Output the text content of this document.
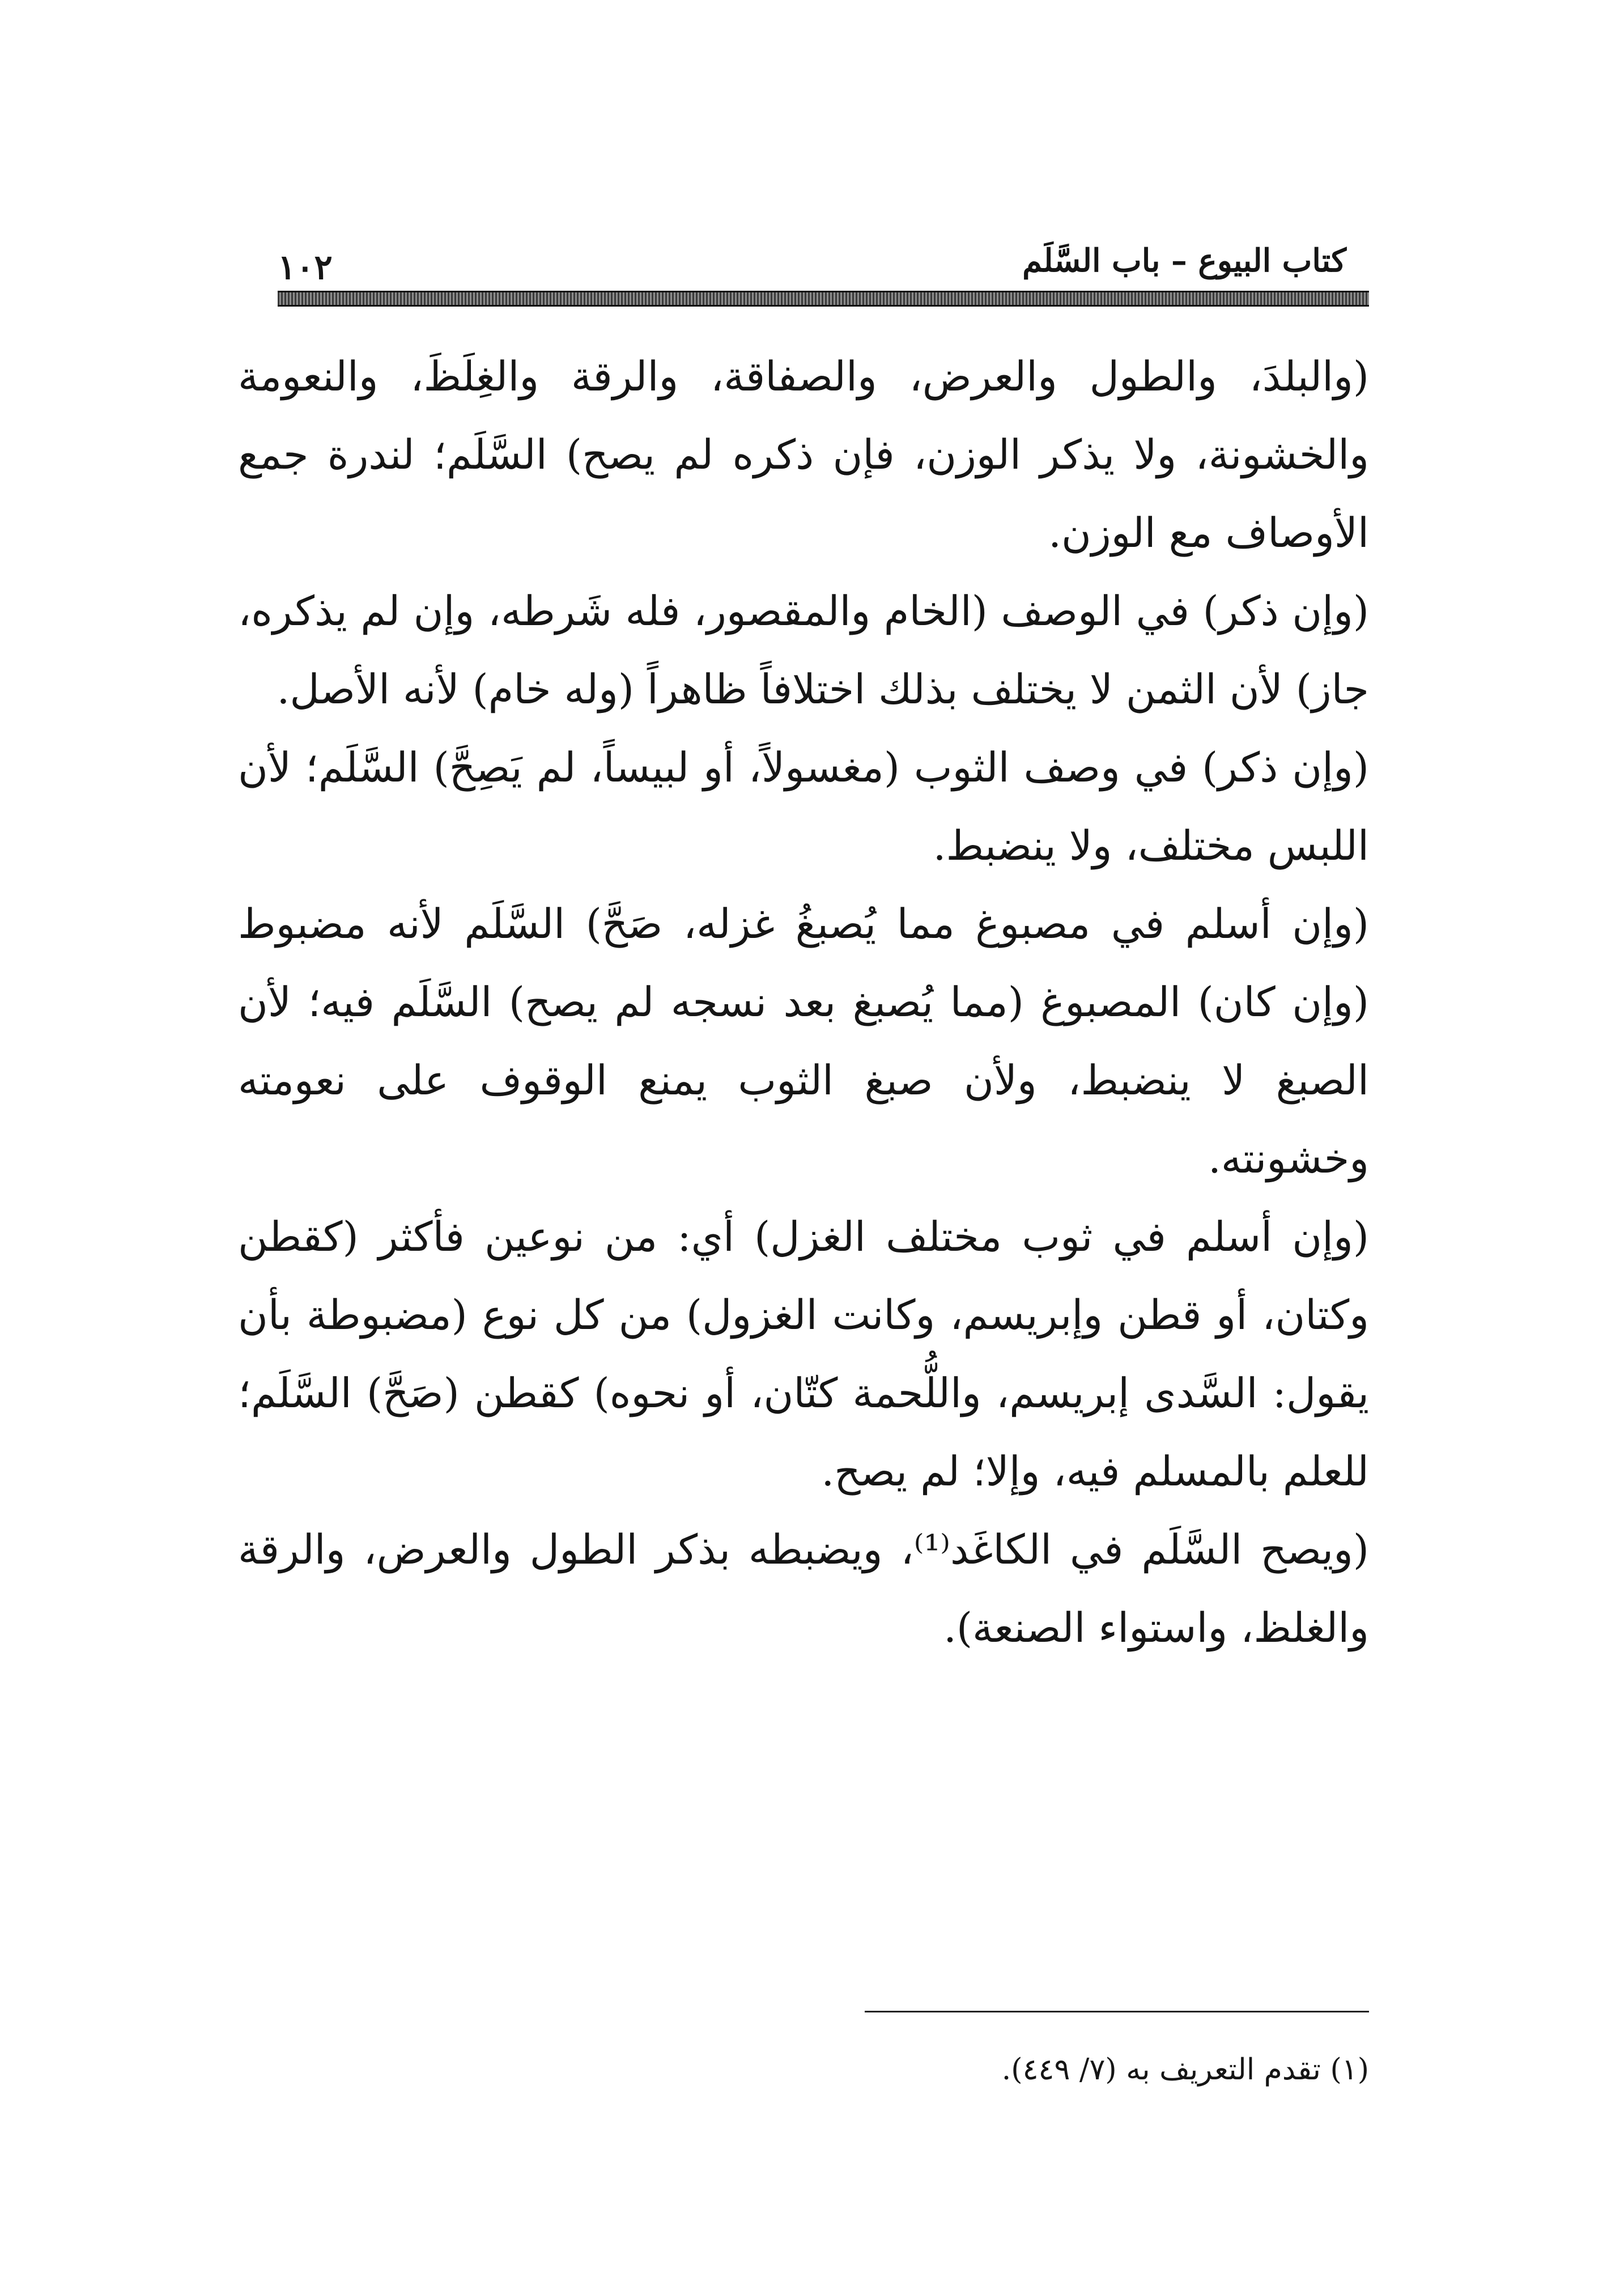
كتاب البيوع – باب السَّلَم
١٠٢

(والبلدَ، والطول والعرض، والصفاقة، والرقة والغِلَظَ، والنعومة والخشونة، ولا يذكر الوزن، فإن ذكره لم يصح) السَّلَم؛ لندرة جمع الأوصاف مع الوزن.

(وإن ذكر) في الوصف (الخام والمقصور، فله شَرطه، وإن لم يذكره، جاز) لأن الثمن لا يختلف بذلك اختلافاً ظاهراً (وله خام) لأنه الأصل.

(وإن ذكر) في وصف الثوب (مغسولاً، أو لبيساً، لم يَصِحَّ) السَّلَم؛ لأن اللبس مختلف، ولا ينضبط.

(وإن أسلم في مصبوغ مما يُصبغُ غزله، صَحَّ) السَّلَم لأنه مضبوط (وإن كان) المصبوغ (مما يُصبغ بعد نسجه لم يصح) السَّلَم فيه؛ لأن الصبغ لا ينضبط، ولأن صبغ الثوب يمنع الوقوف على نعومته وخشونته.

(وإن أسلم في ثوب مختلف الغزل) أي: من نوعين فأكثر (كقطن وكتان، أو قطن وإبريسم، وكانت الغزول) من كل نوع (مضبوطة بأن يقول: السَّدى إبريسم، واللُّحمة كتّان، أو نحوه) كقطن (صَحَّ) السَّلَم؛ للعلم بالمسلم فيه، وإلا؛ لم يصح.

(ويصح السَّلَم في الكاغَد⁽¹⁾، ويضبطه بذكر الطول والعرض، والرقة والغلظ، واستواء الصنعة).

(١) تقدم التعريف به (٧/ ٤٤٩).
